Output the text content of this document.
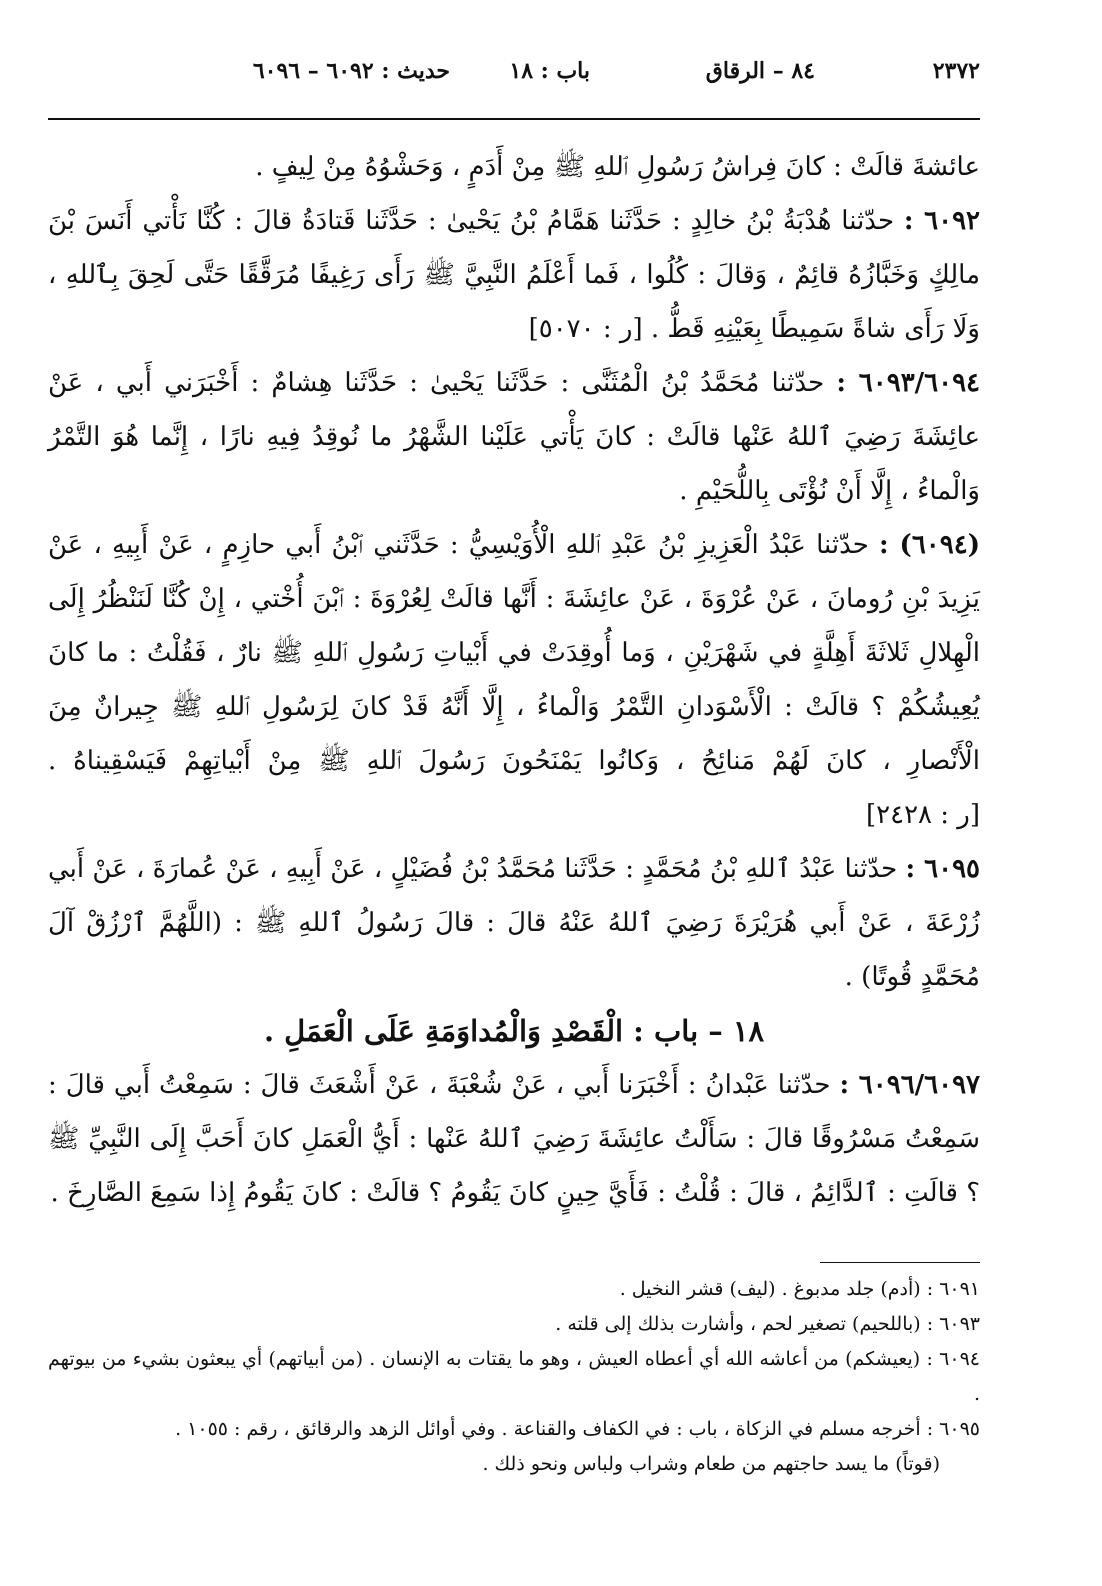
٢٣٧٢
٨٤ – الرقاق
باب : ١٨
حديث : ٦٠٩٢ – ٦٠٩٦

عائشةَ قالَتْ : كانَ فِراشُ رَسُولِ ٱللهِ ﷺ مِنْ أَدَمٍ ، وَحَشْوُهُ مِنْ لِيفٍ .

٦٠٩٢ : حدّثنا هُدْبَةُ بْنُ خالِدٍ : حَدَّثَنا هَمَّامُ بْنُ يَحْيىٰ : حَدَّثَنا قَتادَةُ قالَ : كُنَّا نَأْتي أَنَسَ بْنَ مالِكٍ وَخَبَّازُهُ قائِمٌ ، وَقالَ : كُلُوا ، فَما أَعْلَمُ النَّبِيَّ ﷺ رَأَى رَغِيفًا مُرَقَّقًا حَتَّى لَحِقَ بِٱللهِ ، وَلَا رَأَى شاةً سَمِيطًا بِعَيْنِهِ قَطُّ . [ر : ٥٠٧٠]

٦٠٩٣/٦٠٩٤ : حدّثنا مُحَمَّدُ بْنُ الْمُثَنَّى : حَدَّثَنا يَحْيىٰ : حَدَّثَنا هِشامٌ : أَخْبَرَني أَبي ، عَنْ عائِشَةَ رَضِيَ ٱللهُ عَنْها قالَتْ : كانَ يَأْتي عَلَيْنا الشَّهْرُ ما نُوقِدُ فِيهِ نارًا ، إِنَّما هُوَ التَّمْرُ وَالْماءُ ، إِلَّا أَنْ نُؤْتَى بِاللُّحَيْمِ .

(٦٠٩٤) : حدّثنا عَبْدُ الْعَزِيزِ بْنُ عَبْدِ ٱللهِ الْأُوَيْسِيُّ : حَدَّثَني ٱبْنُ أَبي حازِمٍ ، عَنْ أَبِيهِ ، عَنْ يَزِيدَ بْنِ رُومانَ ، عَنْ عُرْوَةَ ، عَنْ عائِشَةَ : أَنَّها قالَتْ لِعُرْوَةَ : ٱبْنَ أُخْتي ، إِنْ كُنَّا لَنَنْظُرُ إِلَى الْهِلالِ ثَلاثَةَ أَهِلَّةٍ في شَهْرَيْنِ ، وَما أُوقِدَتْ في أَبْياتِ رَسُولِ ٱللهِ ﷺ نارٌ ، فَقُلْتُ : ما كانَ يُعِيشُكُمْ ؟ قالَتْ : الْأَسْوَدانِ التَّمْرُ وَالْماءُ ، إِلَّا أَنَّهُ قَدْ كانَ لِرَسُولِ ٱللهِ ﷺ جِيرانٌ مِنَ الْأَنْصارِ ، كانَ لَهُمْ مَنائِحُ ، وَكانُوا يَمْنَحُونَ رَسُولَ ٱللهِ ﷺ مِنْ أَبْياتِهِمْ فَيَسْقِيناهُ . [ر : ٢٤٢٨]

٦٠٩٥ : حدّثنا عَبْدُ ٱللهِ بْنُ مُحَمَّدٍ : حَدَّثَنا مُحَمَّدُ بْنُ فُضَيْلٍ ، عَنْ أَبِيهِ ، عَنْ عُمارَةَ ، عَنْ أَبي زُرْعَةَ ، عَنْ أَبي هُرَيْرَةَ رَضِيَ ٱللهُ عَنْهُ قالَ : قالَ رَسُولُ ٱللهِ ﷺ : (اللَّهُمَّ ٱرْزُقْ آلَ مُحَمَّدٍ قُوتًا) .

١٨ – باب : الْقَصْدِ وَالْمُداوَمَةِ عَلَى الْعَمَلِ .

٦٠٩٦/٦٠٩٧ : حدّثنا عَبْدانُ : أَخْبَرَنا أَبي ، عَنْ شُعْبَةَ ، عَنْ أَشْعَثَ قالَ : سَمِعْتُ أَبي قالَ : سَمِعْتُ مَسْرُوقًا قالَ : سَأَلْتُ عائِشَةَ رَضِيَ ٱللهُ عَنْها : أَيُّ الْعَمَلِ كانَ أَحَبَّ إِلَى النَّبِيِّ ﷺ ؟ قالَتِ : ٱلدَّائِمُ ، قالَ : قُلْتُ : فَأَيَّ حِينٍ كانَ يَقُومُ ؟ قالَتْ : كانَ يَقُومُ إِذا سَمِعَ الصَّارِخَ .

٦٠٩١ : (أدم) جلد مدبوغ . (ليف) قشر النخيل .

٦٠٩٣ : (باللحيم) تصغير لحم ، وأشارت بذلك إلى قلته .

٦٠٩٤ : (يعيشكم) من أعاشه الله أي أعطاه العيش ، وهو ما يقتات به الإنسان . (من أبياتهم) أي يبعثون بشيء من بيوتهم .

٦٠٩٥ : أخرجه مسلم في الزكاة ، باب : في الكفاف والقناعة . وفي أوائل الزهد والرقائق ، رقم : ١٠٥٥ .

(قوتاً) ما يسد حاجتهم من طعام وشراب ولباس ونحو ذلك .
